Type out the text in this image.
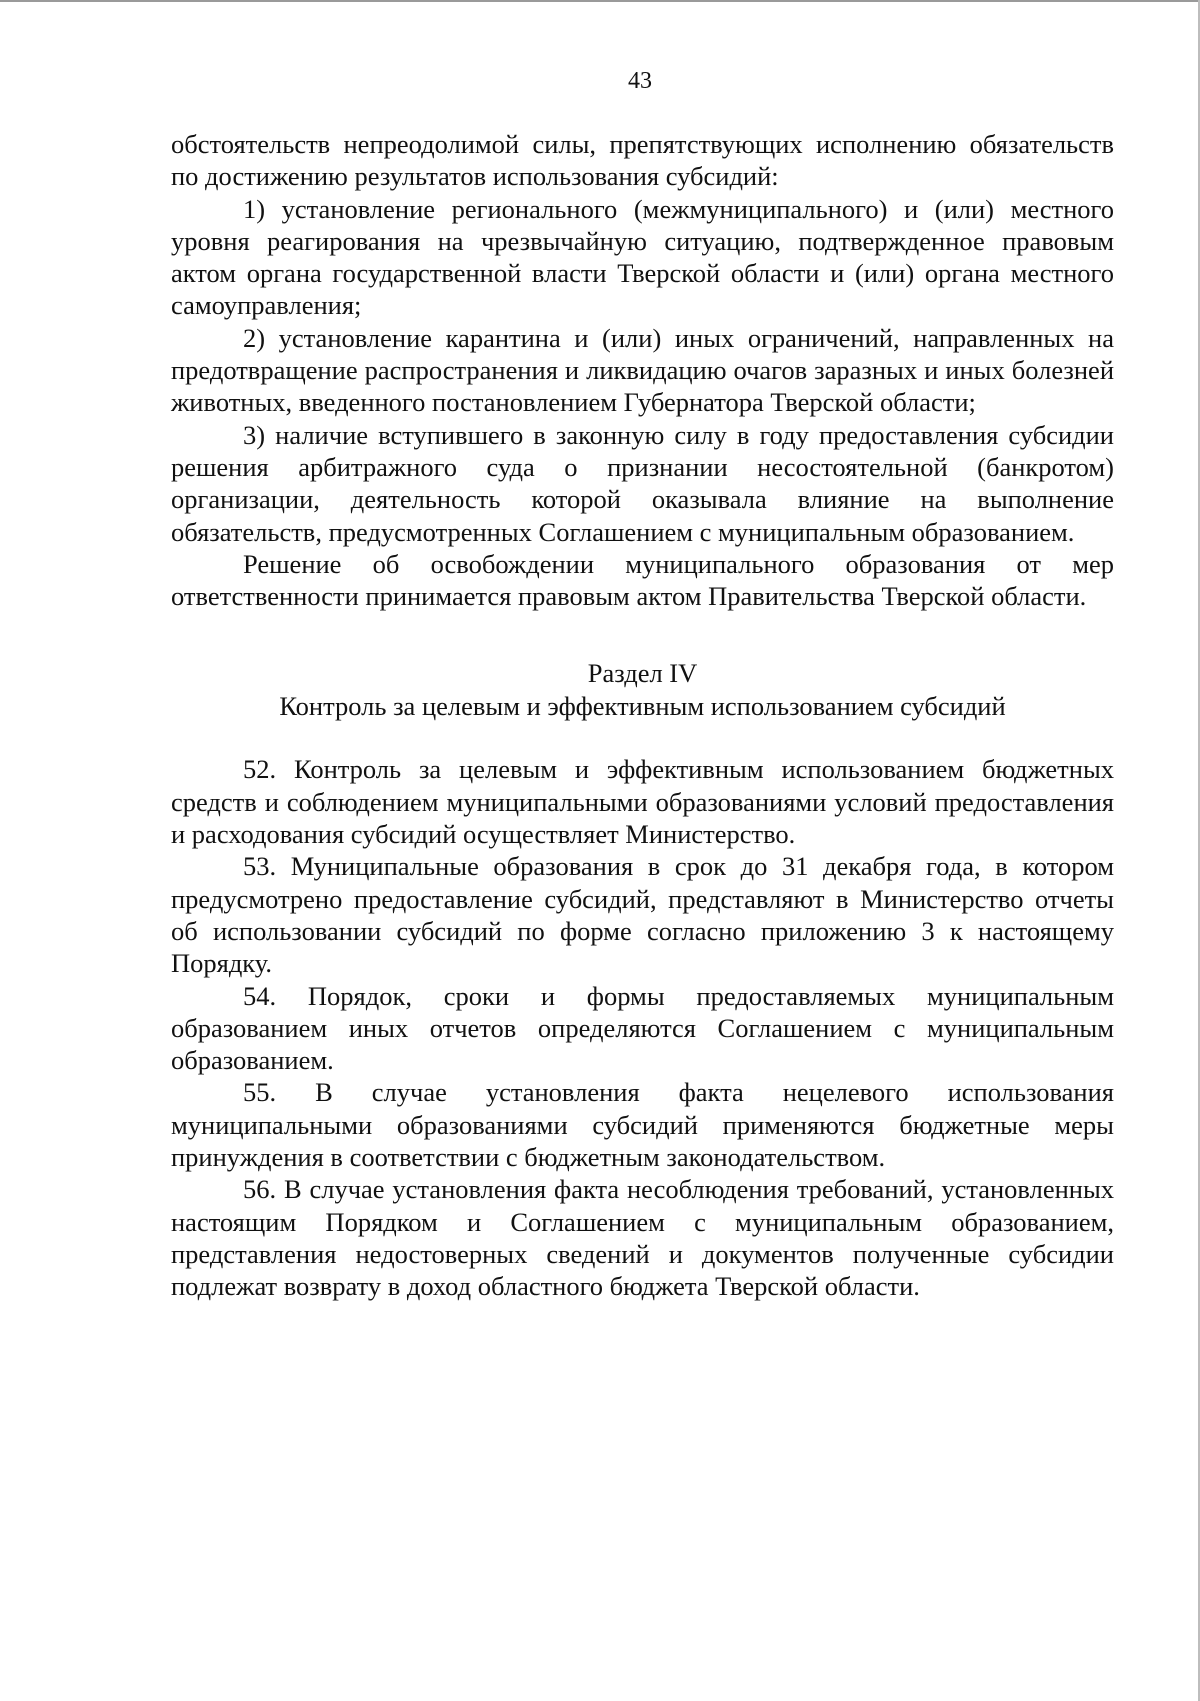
43

обстоятельств непреодолимой силы, препятствующих исполнению обязательств по достижению результатов использования субсидий:

1) установление регионального (межмуниципального) и (или) местного уровня реагирования на чрезвычайную ситуацию, подтвержденное правовым актом органа государственной власти Тверской области и (или) органа местного самоуправления;

2) установление карантина и (или) иных ограничений, направленных на предотвращение распространения и ликвидацию очагов заразных и иных болезней животных, введенного постановлением Губернатора Тверской области;

3) наличие вступившего в законную силу в году предоставления субсидии решения арбитражного суда о признании несостоятельной (банкротом) организации, деятельность которой оказывала влияние на выполнение обязательств, предусмотренных Соглашением с муниципальным образованием.

Решение об освобождении муниципального образования от мер ответственности принимается правовым актом Правительства Тверской области.

Раздел IV

Контроль за целевым и эффективным использованием субсидий

52. Контроль за целевым и эффективным использованием бюджетных средств и соблюдением муниципальными образованиями условий предоставления и расходования субсидий осуществляет Министерство.

53. Муниципальные образования в срок до 31 декабря года, в котором предусмотрено предоставление субсидий, представляют в Министерство отчеты об использовании субсидий по форме согласно приложению 3 к настоящему Порядку.

54. Порядок, сроки и формы предоставляемых муниципальным образованием иных отчетов определяются Соглашением с муниципальным образованием.

55. В случае установления факта нецелевого использования муниципальными образованиями субсидий применяются бюджетные меры принуждения в соответствии с бюджетным законодательством.

56. В случае установления факта несоблюдения требований, установленных настоящим Порядком и Соглашением с муниципальным образованием, представления недостоверных сведений и документов полученные субсидии подлежат возврату в доход областного бюджета Тверской области.
